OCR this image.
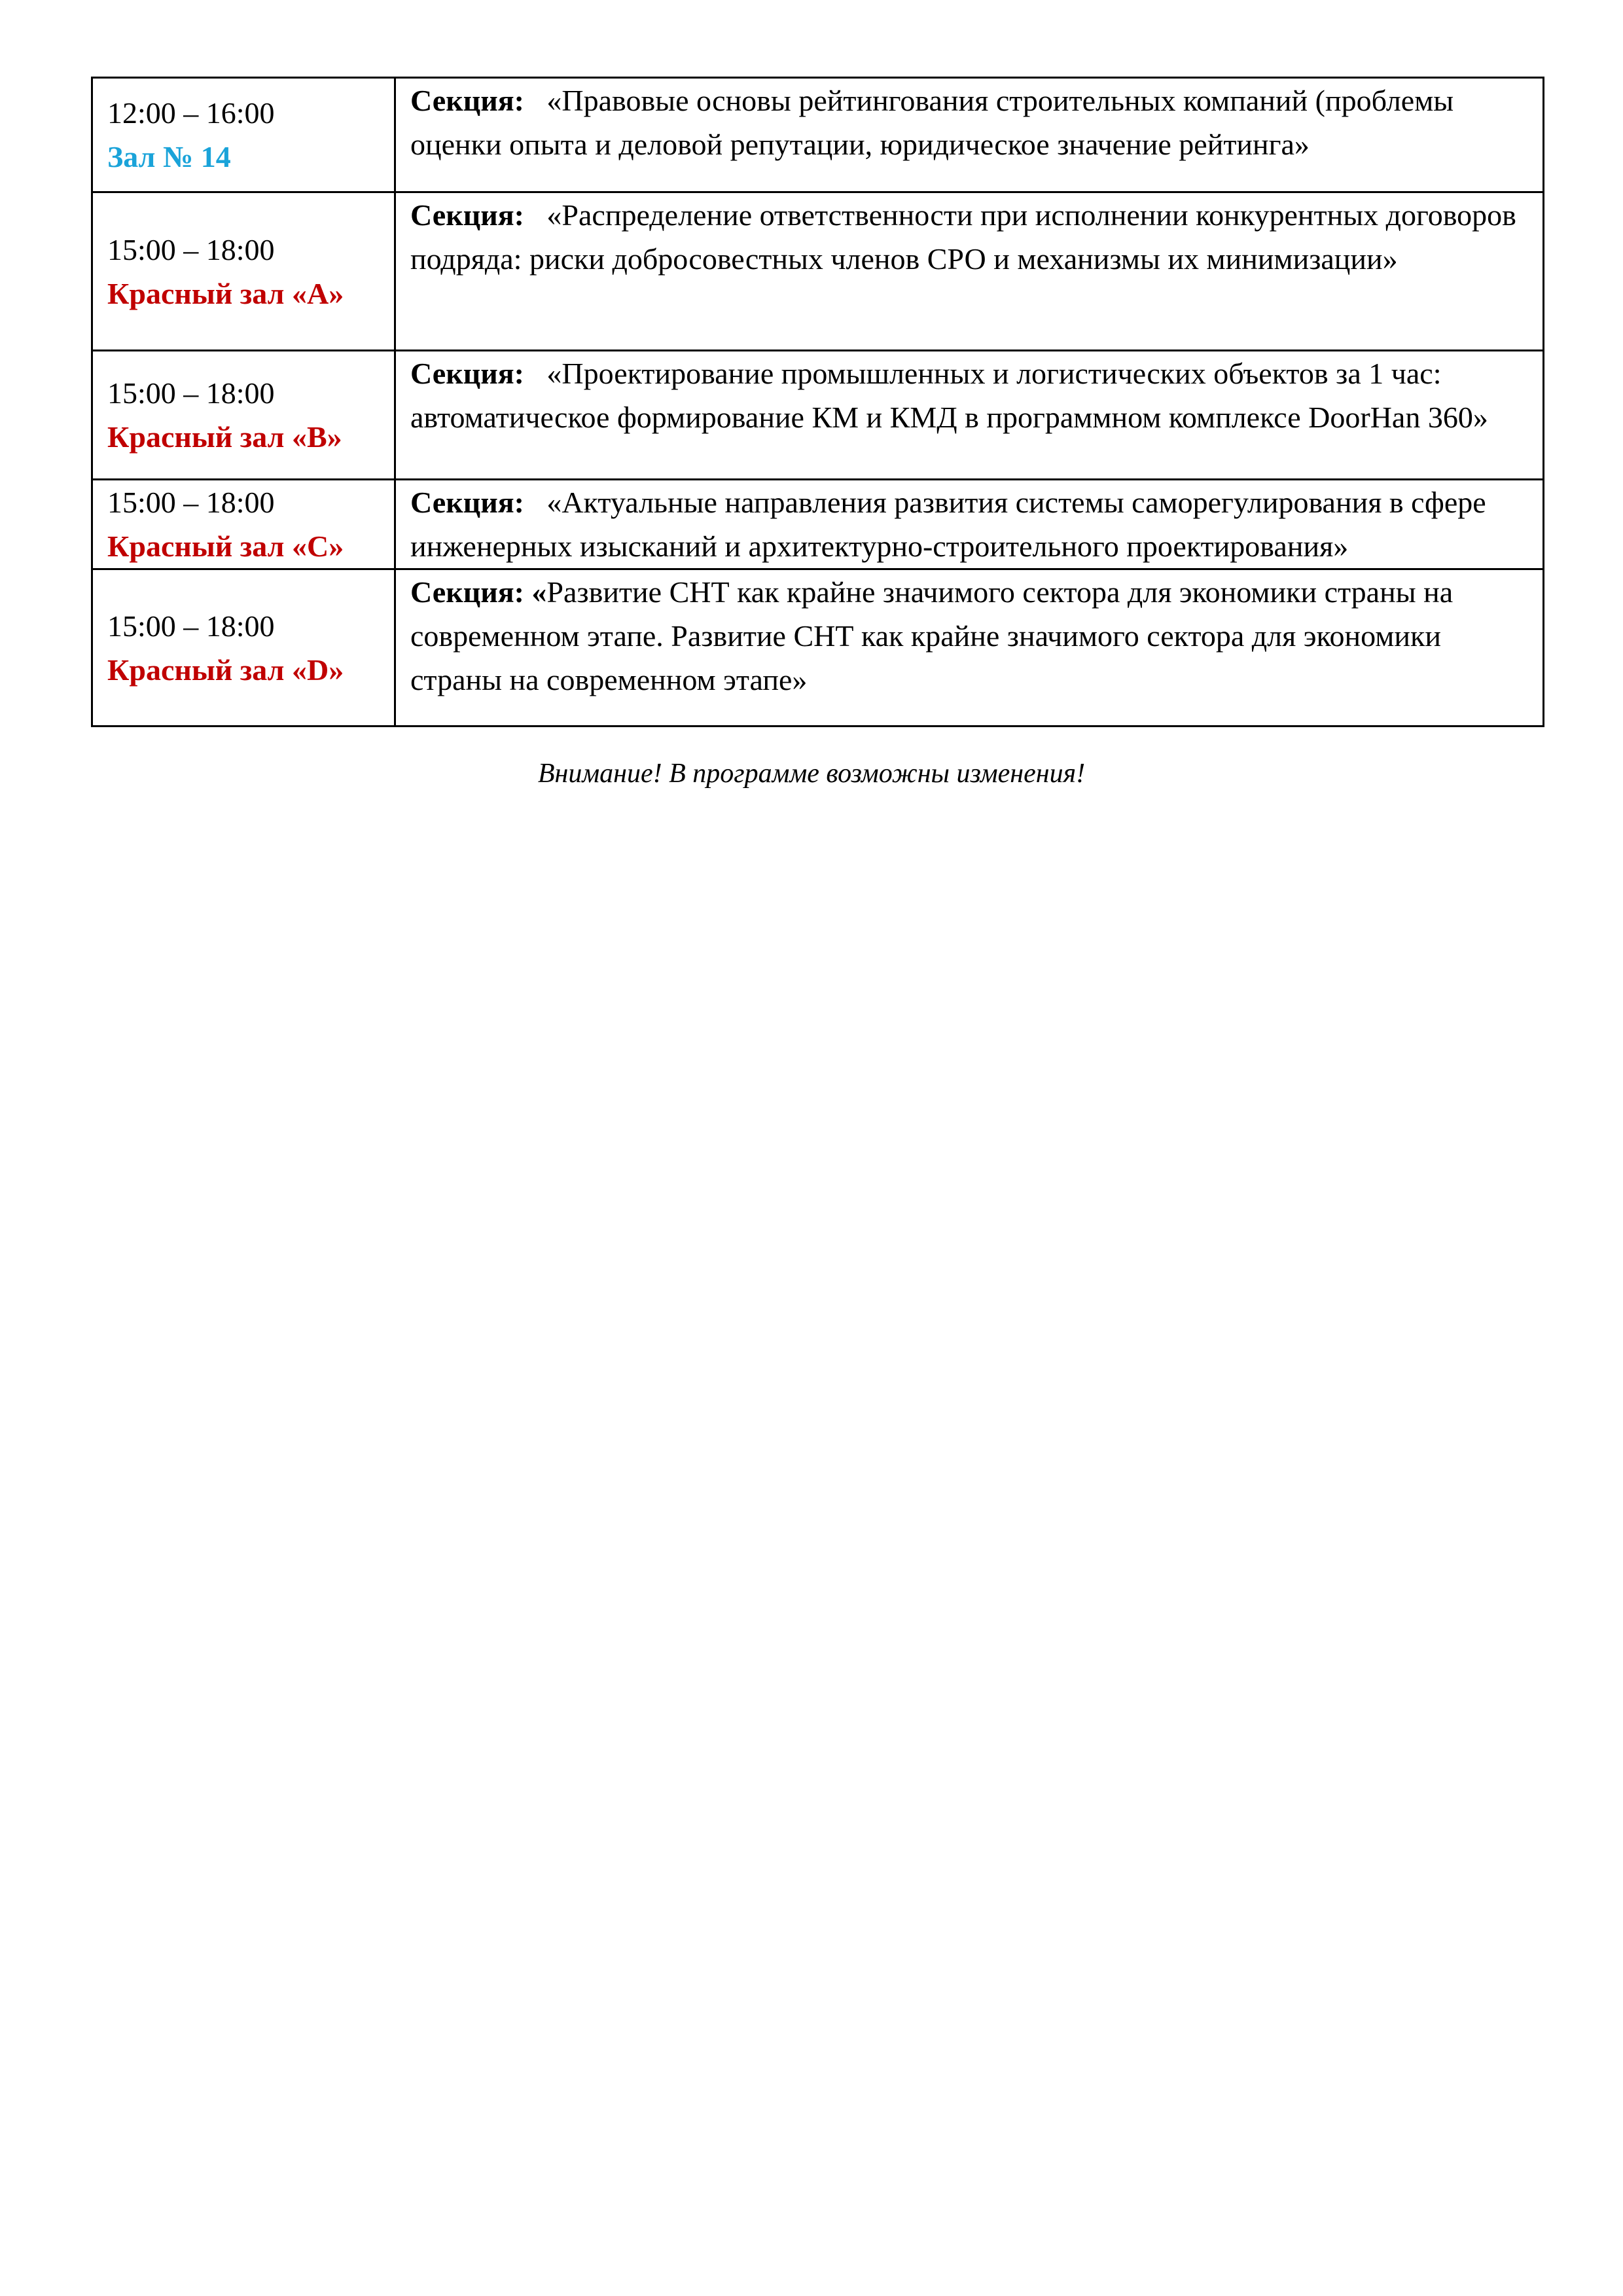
12:00 – 16:00
Зал № 14	Секция:   «Правовые основы рейтингования строительных компаний (проблемы оценки опыта и деловой репутации, юридическое значение рейтинга»

15:00 – 18:00
Красный зал «А»	Секция:   «Распределение ответственности при исполнении конкурентных договоров подряда: риски добросовестных членов СРО и механизмы их минимизации»

15:00 – 18:00
Красный зал «B»	Секция:   «Проектирование промышленных и логистических объектов за 1 час: автоматическое формирование КМ и КМД в программном комплексе DoorHan 360»

15:00 – 18:00
Красный зал «С»	Секция:   «Актуальные направления развития системы саморегулирования в сфере инженерных изысканий и архитектурно-строительного проектирования»

15:00 – 18:00
Красный зал «D»	Секция: «Развитие СНТ как крайне значимого сектора для экономики страны на современном этапе. Развитие СНТ как крайне значимого сектора для экономики страны на современном этапе»
Внимание! В программе возможны изменения!
